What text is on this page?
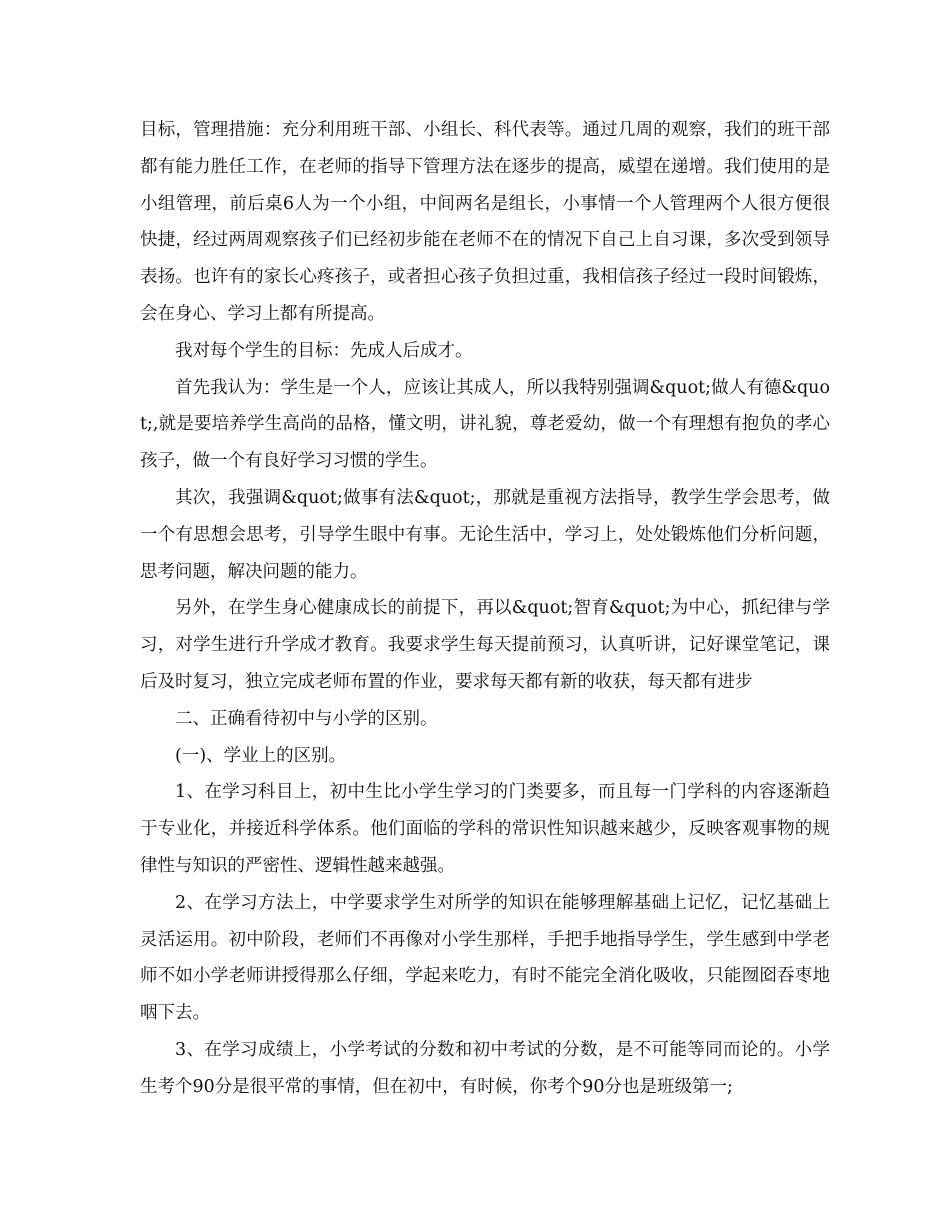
目标，管理措施：充分利用班干部、小组长、科代表等。通过几周的观察，我们的班干部都有能力胜任工作，在老师的指导下管理方法在逐步的提高，威望在递增。我们使用的是小组管理，前后桌6人为一个小组，中间两名是组长，小事情一个人管理两个人很方便很快捷，经过两周观察孩子们已经初步能在老师不在的情况下自己上自习课，多次受到领导表扬。也许有的家长心疼孩子，或者担心孩子负担过重，我相信孩子经过一段时间锻炼，会在身心、学习上都有所提高。

我对每个学生的目标：先成人后成才。

首先我认为：学生是一个人，应该让其成人，所以我特别强调&quot;做人有德&quot;,就是要培养学生高尚的品格，懂文明，讲礼貌，尊老爱幼，做一个有理想有抱负的孝心孩子，做一个有良好学习习惯的学生。

其次，我强调&quot;做事有法&quot;，那就是重视方法指导，教学生学会思考，做一个有思想会思考，引导学生眼中有事。无论生活中，学习上，处处锻炼他们分析问题，思考问题，解决问题的能力。

另外，在学生身心健康成长的前提下，再以&quot;智育&quot;为中心，抓纪律与学习，对学生进行升学成才教育。我要求学生每天提前预习，认真听讲，记好课堂笔记，课后及时复习，独立完成老师布置的作业，要求每天都有新的收获，每天都有进步

二、正确看待初中与小学的区别。

(一)、学业上的区别。

1、在学习科目上，初中生比小学生学习的门类要多，而且每一门学科的内容逐渐趋于专业化，并接近科学体系。他们面临的学科的常识性知识越来越少，反映客观事物的规律性与知识的严密性、逻辑性越来越强。

2、在学习方法上，中学要求学生对所学的知识在能够理解基础上记忆，记忆基础上灵活运用。初中阶段，老师们不再像对小学生那样，手把手地指导学生，学生感到中学老师不如小学老师讲授得那么仔细，学起来吃力，有时不能完全消化吸收，只能囫囵吞枣地咽下去。

3、在学习成绩上，小学考试的分数和初中考试的分数，是不可能等同而论的。小学生考个90分是很平常的事情，但在初中，有时候，你考个90分也是班级第一;
